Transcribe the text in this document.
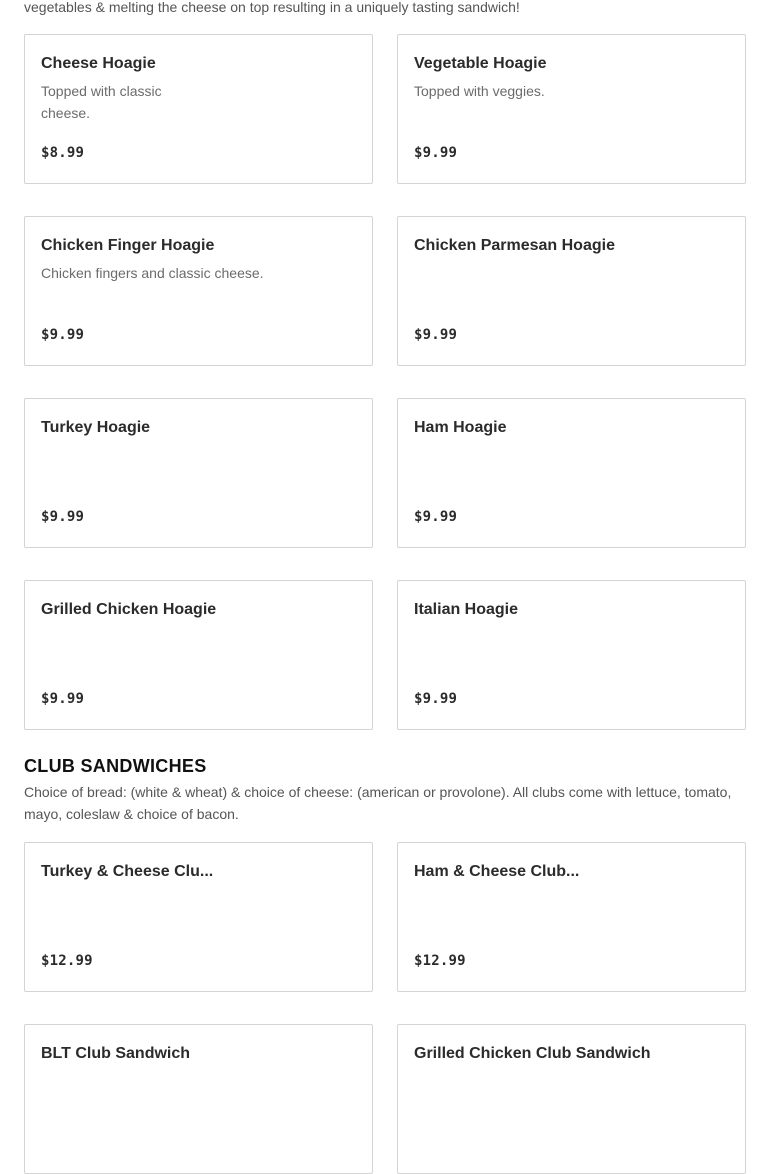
vegetables & melting the cheese on top resulting in a uniquely tasting sandwich!

Cheese Hoagie
Topped with classic cheese.
$8.99
Vegetable Hoagie
Topped with veggies.
$9.99
Chicken Finger Hoagie
Chicken fingers and classic cheese.
$9.99
Chicken Parmesan Hoagie
$9.99
Turkey Hoagie
$9.99
Ham Hoagie
$9.99
Grilled Chicken Hoagie
$9.99
Italian Hoagie
$9.99
CLUB SANDWICHES

Choice of bread: (white & wheat) & choice of cheese: (american or provolone). All clubs come with lettuce, tomato, mayo, coleslaw & choice of bacon.

Turkey & Cheese Clu...
$12.99
Ham & Cheese Club...
$12.99
BLT Club Sandwich	Grilled Chicken Club Sandwich
